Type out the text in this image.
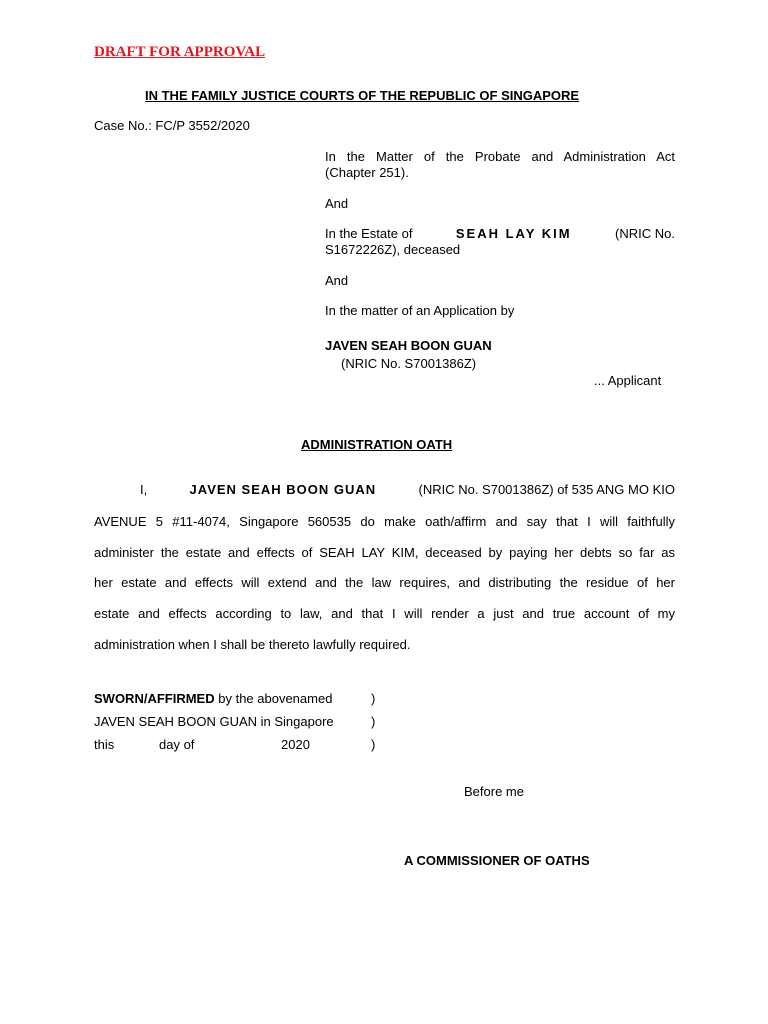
DRAFT FOR APPROVAL
IN THE FAMILY JUSTICE COURTS OF THE REPUBLIC OF SINGAPORE
Case No.: FC/P 3552/2020
In the Matter of the Probate and Administration Act
(Chapter 251).
And
In the Estate of	SEAH LAY KIM	(NRIC No.
S1672226Z), deceased
And
In the matter of an Application by
JAVEN SEAH BOON GUAN
(NRIC No. S7001386Z)
... Applicant
ADMINISTRATION OATH
I,	JAVEN SEAH BOON GUAN	(NRIC No. S7001386Z) of 535 ANG MO KIO
AVENUE 5 #11-4074, Singapore 560535 do make oath/affirm and say that I will faithfully
administer the estate and effects of SEAH LAY KIM, deceased by paying her debts so far as
her estate and effects will extend and the law requires, and distributing the residue of her
estate and effects according to law, and that I will render a just and true account of my
administration when I shall be thereto lawfully required.
SWORN/AFFIRMED by the abovenamed	)
JAVEN SEAH BOON GUAN in Singapore	)
this	day of	2020	)
Before me
A COMMISSIONER OF OATHS
